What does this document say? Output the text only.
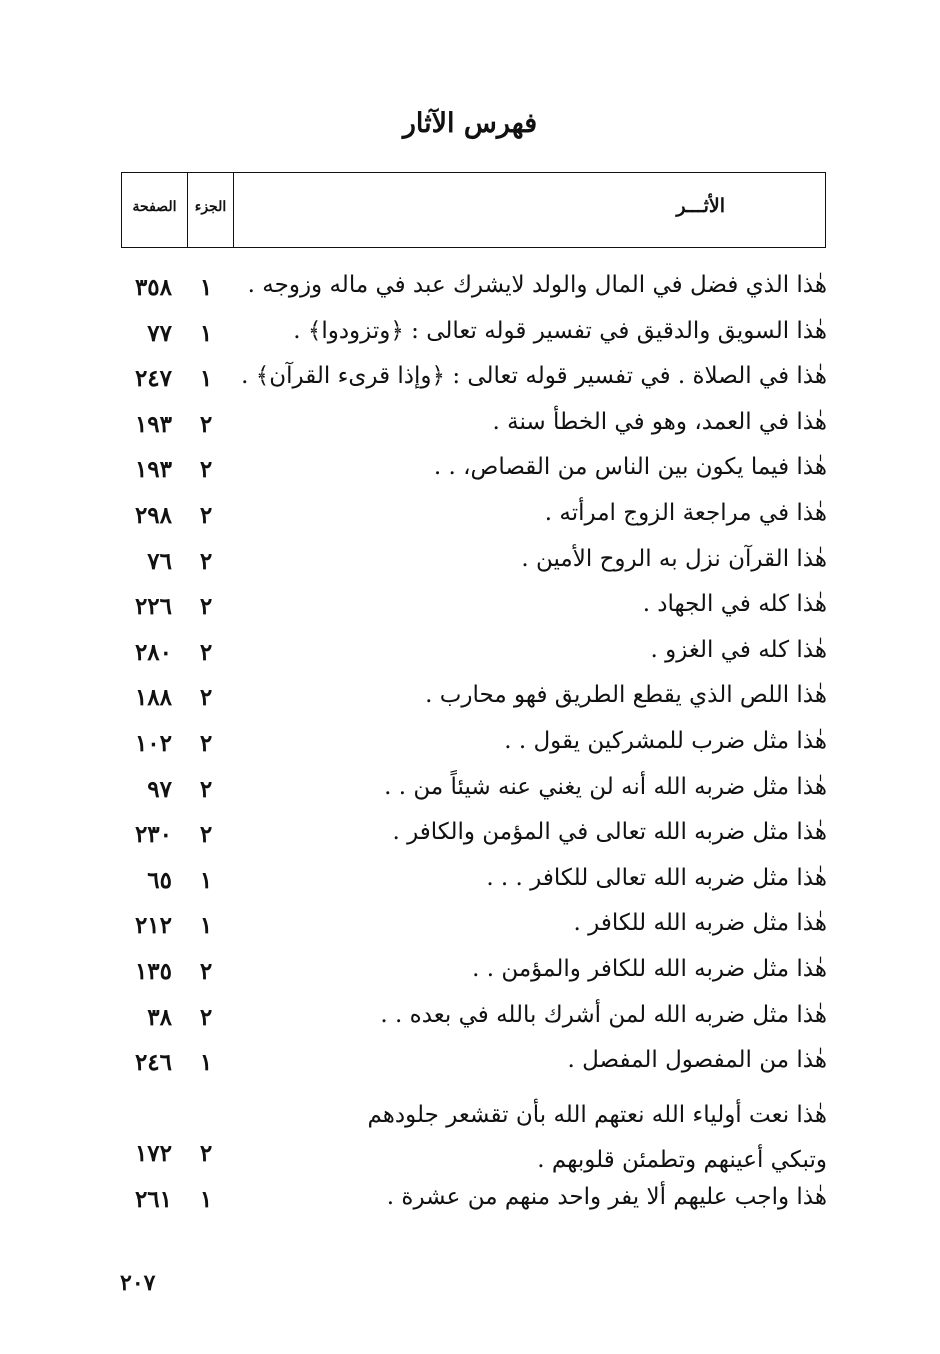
فهرس الآثار
الأثـــر
الجزء
الصفحة
هٰذا الذي فضل في المال والولد لايشرك عبد في ماله وزوجه .
١
٣٥٨
هٰذا السويق والدقيق في تفسير قوله تعالى : ﴿وتزودوا﴾ .
١
٧٧
هٰذا في الصلاة . في تفسير قوله تعالى : ﴿وإذا قرىء القرآن﴾ .
١
٢٤٧
هٰذا في العمد، وهو في الخطأ سنة .
٢
١٩٣
هٰذا فيما يكون بين الناس من القصاص، . .
٢
١٩٣
هٰذا في مراجعة الزوج امرأته .
٢
٢٩٨
هٰذا القرآن نزل به الروح الأمين .
٢
٧٦
هٰذا كله في الجهاد .
٢
٢٢٦
هٰذا كله في الغزو .
٢
٢٨٠
هٰذا اللص الذي يقطع الطريق فهو محارب .
٢
١٨٨
هٰذا مثل ضرب للمشركين يقول . .
٢
١٠٢
هٰذا مثل ضربه الله أنه لن يغني عنه شيئاً من . .
٢
٩٧
هٰذا مثل ضربه الله تعالى في المؤمن والكافر .
٢
٢٣٠
هٰذا مثل ضربه الله تعالى للكافر . . .
١
٦٥
هٰذا مثل ضربه الله للكافر .
١
٢١٢
هٰذا مثل ضربه الله للكافر والمؤمن . .
٢
١٣٥
هٰذا مثل ضربه الله لمن أشرك بالله في بعده . .
٢
٣٨
هٰذا من المفصول المفصل .
١
٢٤٦
هٰذا نعت أولياء الله نعتهم الله بأن تقشعر جلودهم وتبكي أعينهم وتطمئن قلوبهم .
٢
١٧٢
هٰذا واجب عليهم ألا يفر واحد منهم من عشرة .
١
٢٦١
٢٠٧
